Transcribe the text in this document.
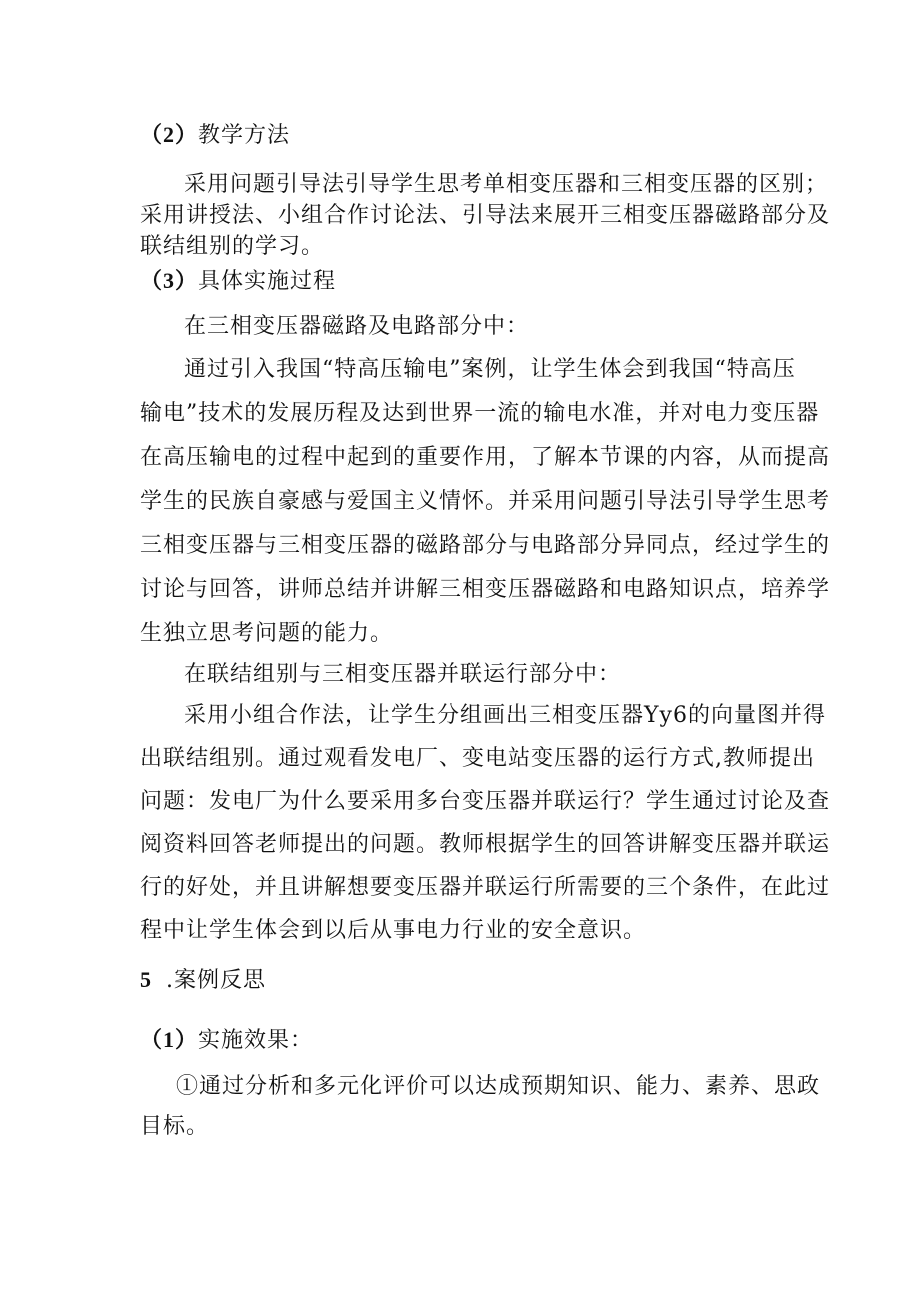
（2）教学方法
采用问题引导法引导学生思考单相变压器和三相变压器的区别；
采用讲授法、小组合作讨论法、引导法来展开三相变压器磁路部分及
联结组别的学习。
（3）具体实施过程
在三相变压器磁路及电路部分中：
通过引入我国“特高压输电”案例，让学生体会到我国“特高压
输电”技术的发展历程及达到世界一流的输电水准，并对电力变压器
在高压输电的过程中起到的重要作用，了解本节课的内容，从而提高
学生的民族自豪感与爱国主义情怀。并采用问题引导法引导学生思考
三相变压器与三相变压器的磁路部分与电路部分异同点，经过学生的
讨论与回答，讲师总结并讲解三相变压器磁路和电路知识点，培养学
生独立思考问题的能力。
在联结组别与三相变压器并联运行部分中：
采用小组合作法，让学生分组画出三相变压器Yy6的向量图并得
出联结组别。通过观看发电厂、变电站变压器的运行方式,教师提出
问题：发电厂为什么要采用多台变压器并联运行？学生通过讨论及查
阅资料回答老师提出的问题。教师根据学生的回答讲解变压器并联运
行的好处，并且讲解想要变压器并联运行所需要的三个条件，在此过
程中让学生体会到以后从事电力行业的安全意识。
5 .案例反思
（1）实施效果：
①通过分析和多元化评价可以达成预期知识、能力、素养、思政
目标。
